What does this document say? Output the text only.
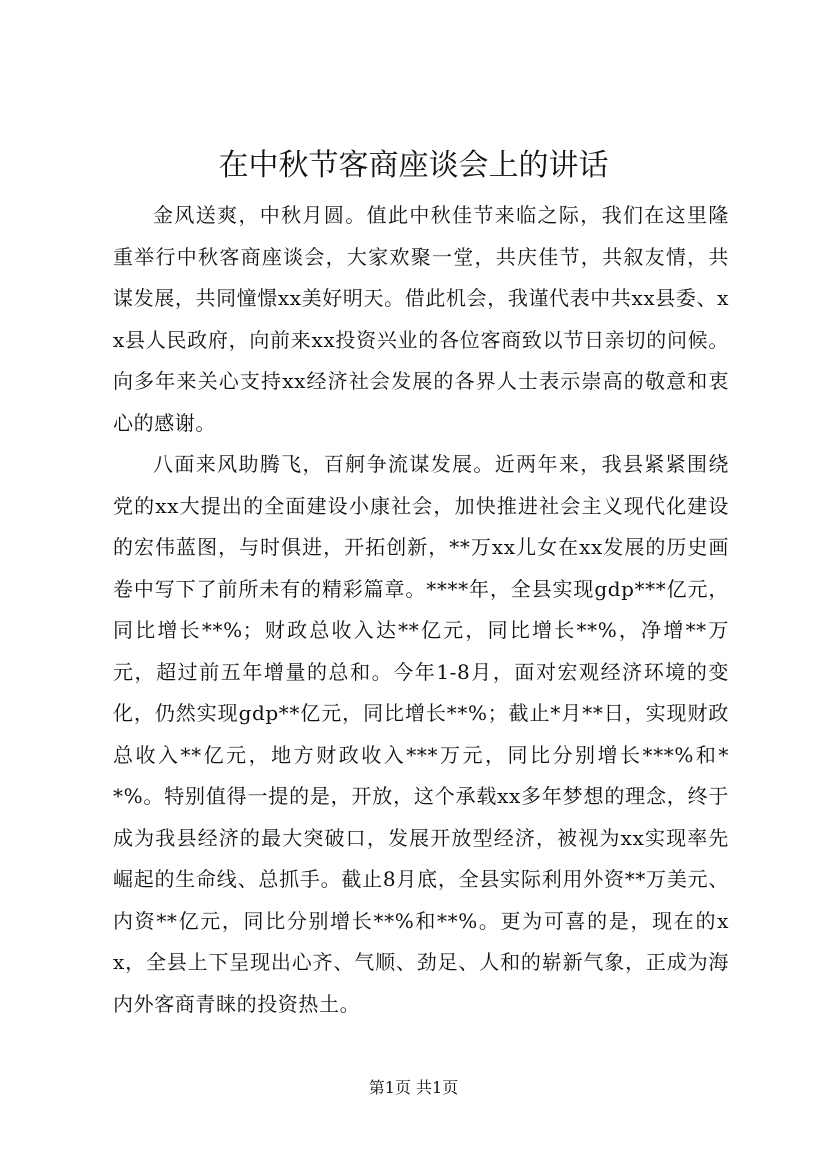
在中秋节客商座谈会上的讲话

金风送爽，中秋月圆。值此中秋佳节来临之际，我们在这里隆重举行中秋客商座谈会，大家欢聚一堂，共庆佳节，共叙友情，共谋发展，共同憧憬xx美好明天。借此机会，我谨代表中共xx县委、xx县人民政府，向前来xx投资兴业的各位客商致以节日亲切的问候。向多年来关心支持xx经济社会发展的各界人士表示崇高的敬意和衷心的感谢。

八面来风助腾飞，百舸争流谋发展。近两年来，我县紧紧围绕党的xx大提出的全面建设小康社会，加快推进社会主义现代化建设的宏伟蓝图，与时俱进，开拓创新，**万xx儿女在xx发展的历史画卷中写下了前所未有的精彩篇章。****年，全县实现gdp***亿元，同比增长**%；财政总收入达**亿元，同比增长**%，净增**万元，超过前五年增量的总和。今年1-8月，面对宏观经济环境的变化，仍然实现gdp**亿元，同比增长**%；截止*月**日，实现财政总收入**亿元，地方财政收入***万元，同比分别增长***%和**%。特别值得一提的是，开放，这个承载xx多年梦想的理念，终于成为我县经济的最大突破口，发展开放型经济，被视为xx实现率先崛起的生命线、总抓手。截止8月底，全县实际利用外资**万美元、内资**亿元，同比分别增长**%和**%。更为可喜的是，现在的xx，全县上下呈现出心齐、气顺、劲足、人和的崭新气象，正成为海内外客商青睐的投资热土。

第1页 共1页
